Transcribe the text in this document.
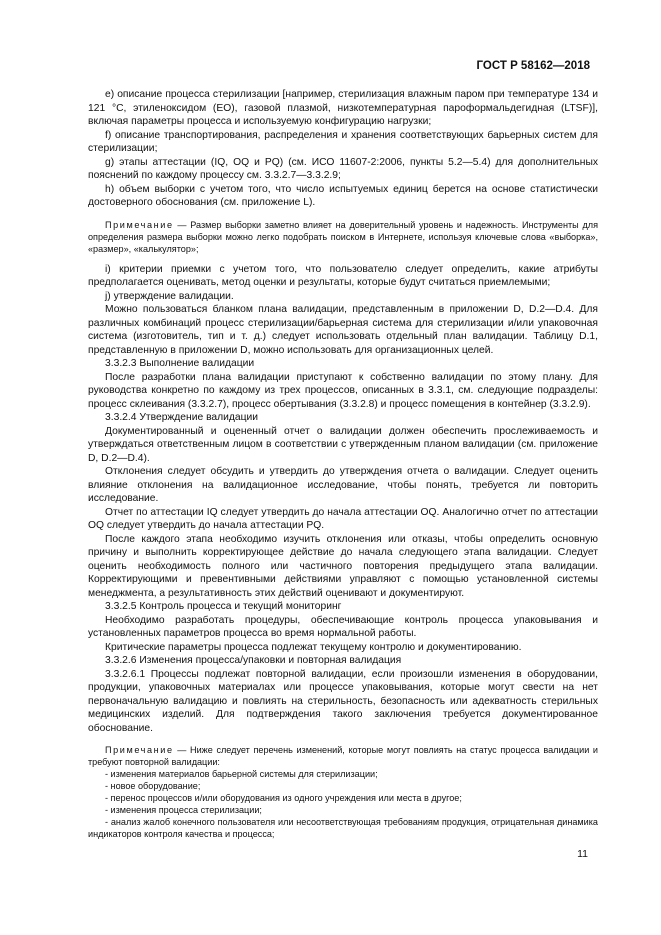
ГОСТ Р 58162—2018

e) описание процесса стерилизации [например, стерилизация влажным паром при температуре 134 и 121 °С, этиленоксидом (ЕО), газовой плазмой, низкотемпературная пароформальдегидная (LTSF)], включая параметры процесса и используемую конфигурацию нагрузки;

f) описание транспортирования, распределения и хранения соответствующих барьерных систем для стерилизации;

g) этапы аттестации (IQ, OQ и PQ) (см. ИСО 11607-2:2006, пункты 5.2—5.4) для дополнительных пояснений по каждому процессу см. 3.3.2.7—3.3.2.9;

h) объем выборки с учетом того, что число испытуемых единиц берется на основе статистически достоверного обоснования (см. приложение L).

Примечание — Размер выборки заметно влияет на доверительный уровень и надежность. Инструменты для определения размера выборки можно легко подобрать поиском в Интернете, используя ключевые слова «выборка», «размер», «калькулятор»;

i) критерии приемки с учетом того, что пользователю следует определить, какие атрибуты предполагается оценивать, метод оценки и результаты, которые будут считаться приемлемыми;

j) утверждение валидации.

Можно пользоваться бланком плана валидации, представленным в приложении D, D.2—D.4. Для различных комбинаций процесс стерилизации/барьерная система для стерилизации и/или упаковочная система (изготовитель, тип и т. д.) следует использовать отдельный план валидации. Таблицу D.1, представленную в приложении D, можно использовать для организационных целей.

3.3.2.3 Выполнение валидации

После разработки плана валидации приступают к собственно валидации по этому плану. Для руководства конкретно по каждому из трех процессов, описанных в 3.3.1, см. следующие подразделы: процесс склеивания (3.3.2.7), процесс обертывания (3.3.2.8) и процесс помещения в контейнер (3.3.2.9).

3.3.2.4 Утверждение валидации

Документированный и оцененный отчет о валидации должен обеспечить прослеживаемость и утверждаться ответственным лицом в соответствии с утвержденным планом валидации (см. приложение D, D.2—D.4).

Отклонения следует обсудить и утвердить до утверждения отчета о валидации. Следует оценить влияние отклонения на валидационное исследование, чтобы понять, требуется ли повторить исследование.

Отчет по аттестации IQ следует утвердить до начала аттестации OQ. Аналогично отчет по аттестации OQ следует утвердить до начала аттестации PQ.

После каждого этапа необходимо изучить отклонения или отказы, чтобы определить основную причину и выполнить корректирующее действие до начала следующего этапа валидации. Следует оценить необходимость полного или частичного повторения предыдущего этапа валидации. Корректирующими и превентивными действиями управляют с помощью установленной системы менеджмента, а результативность этих действий оценивают и документируют.

3.3.2.5 Контроль процесса и текущий мониторинг

Необходимо разработать процедуры, обеспечивающие контроль процесса упаковывания и установленных параметров процесса во время нормальной работы.

Критические параметры процесса подлежат текущему контролю и документированию.

3.3.2.6 Изменения процесса/упаковки и повторная валидация

3.3.2.6.1 Процессы подлежат повторной валидации, если произошли изменения в оборудовании, продукции, упаковочных материалах или процессе упаковывания, которые могут свести на нет первоначальную валидацию и повлиять на стерильность, безопасность или адекватность стерильных медицинских изделий. Для подтверждения такого заключения требуется документированное обоснование.

Примечание — Ниже следует перечень изменений, которые могут повлиять на статус процесса валидации и требуют повторной валидации:

- изменения материалов барьерной системы для стерилизации;

- новое оборудование;

- перенос процессов и/или оборудования из одного учреждения или места в другое;

- изменения процесса стерилизации;

- анализ жалоб конечного пользователя или несоответствующая требованиям продукция, отрицательная динамика индикаторов контроля качества и процесса;

11
